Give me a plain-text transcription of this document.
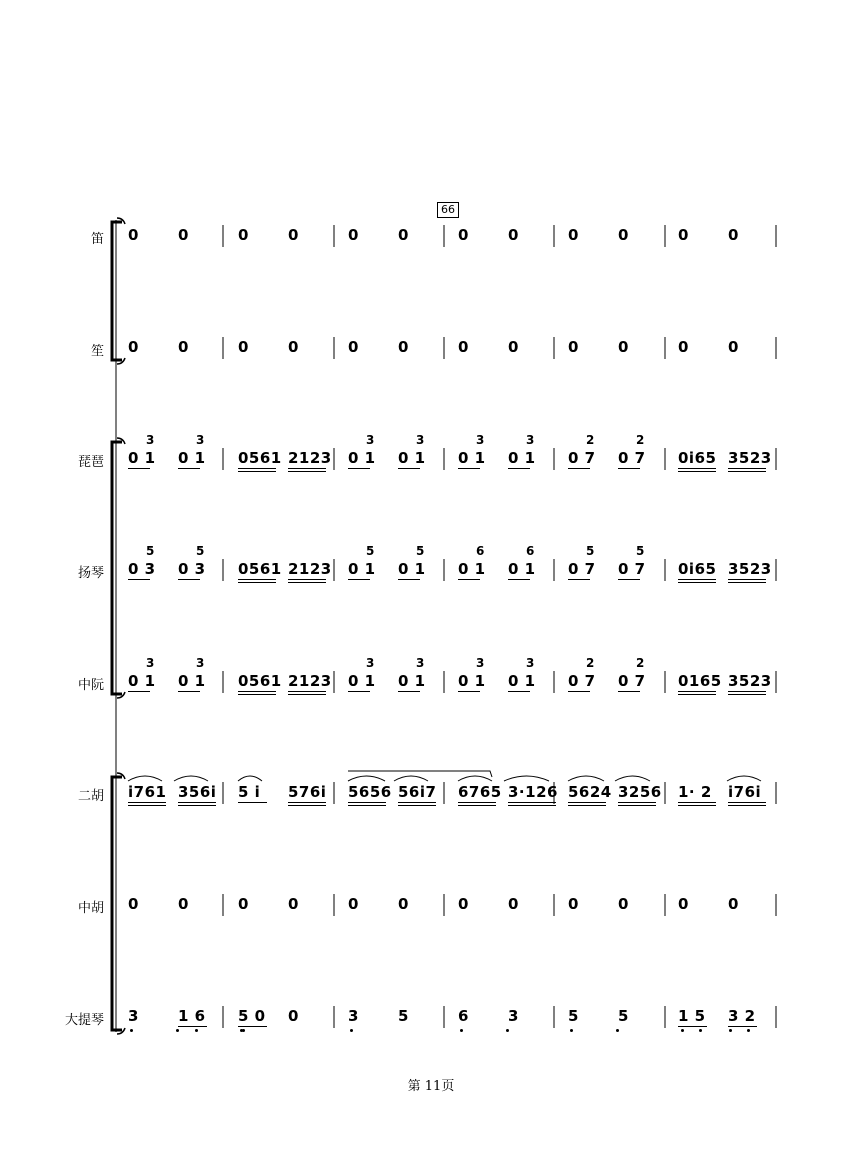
66
笛 0	0	0	0	0	0	0	0	0	0	0	0
笙 0	0	0	0	0	0	0	0	0	0	0	0
琵琶 0 1 0 1 0561 2123 0 1 0 1 0 1 0 1 0 7 0 7 0i65 3523
3	3	3	3	3	3	2	2
扬琴 0 3 0 3 0561 2123 0 1 0 1 0 1 0 1 0 7 0 7 0i65 3523
5	5	5	5	6	6	5	5
中阮 0 1 0 1 0561 2123 0 1 0 1 0 1 0 1 0 7 0 7 0165 3523
3	3	3	3	3	3	2	2
二胡 i761 356i 5 i 576i 5656 56i7 6765 3·126 5624 3256 1· 2 i76i
中胡 0	0	0	0	0	0	0	0	0	0	0	0
大提琴 3	1 6 5 0 0	3	5	6	3	5	5	1 5 3 2
第 11页
